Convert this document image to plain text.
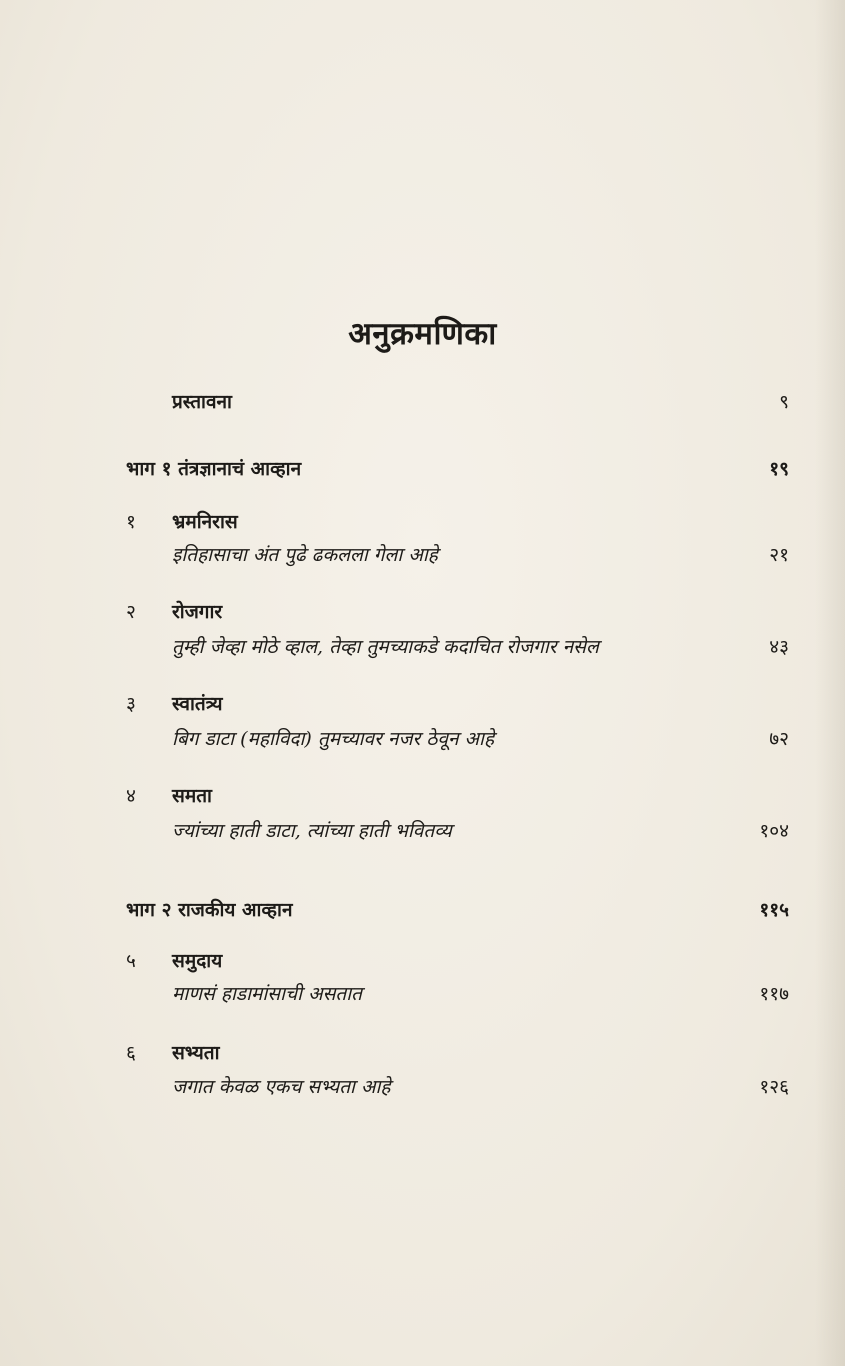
अनुक्रमणिका
प्रस्तावना	९
भाग १ तंत्रज्ञानाचं आव्हान	१९
१ भ्रमनिरास
इतिहासाचा अंत पुढे ढकलला गेला आहे	२१
२ रोजगार
तुम्ही जेव्हा मोठे व्हाल, तेव्हा तुमच्याकडे कदाचित रोजगार नसेल	४३
३ स्वातंत्र्य
बिग डाटा (महाविदा) तुमच्यावर नजर ठेवून आहे	७२
४ समता
ज्यांच्या हाती डाटा, त्यांच्या हाती भवितव्य	१०४
भाग २ राजकीय आव्हान	११५
५ समुदाय
माणसं हाडामांसाची असतात	११७
६ सभ्यता
जगात केवळ एकच सभ्यता आहे	१२६
